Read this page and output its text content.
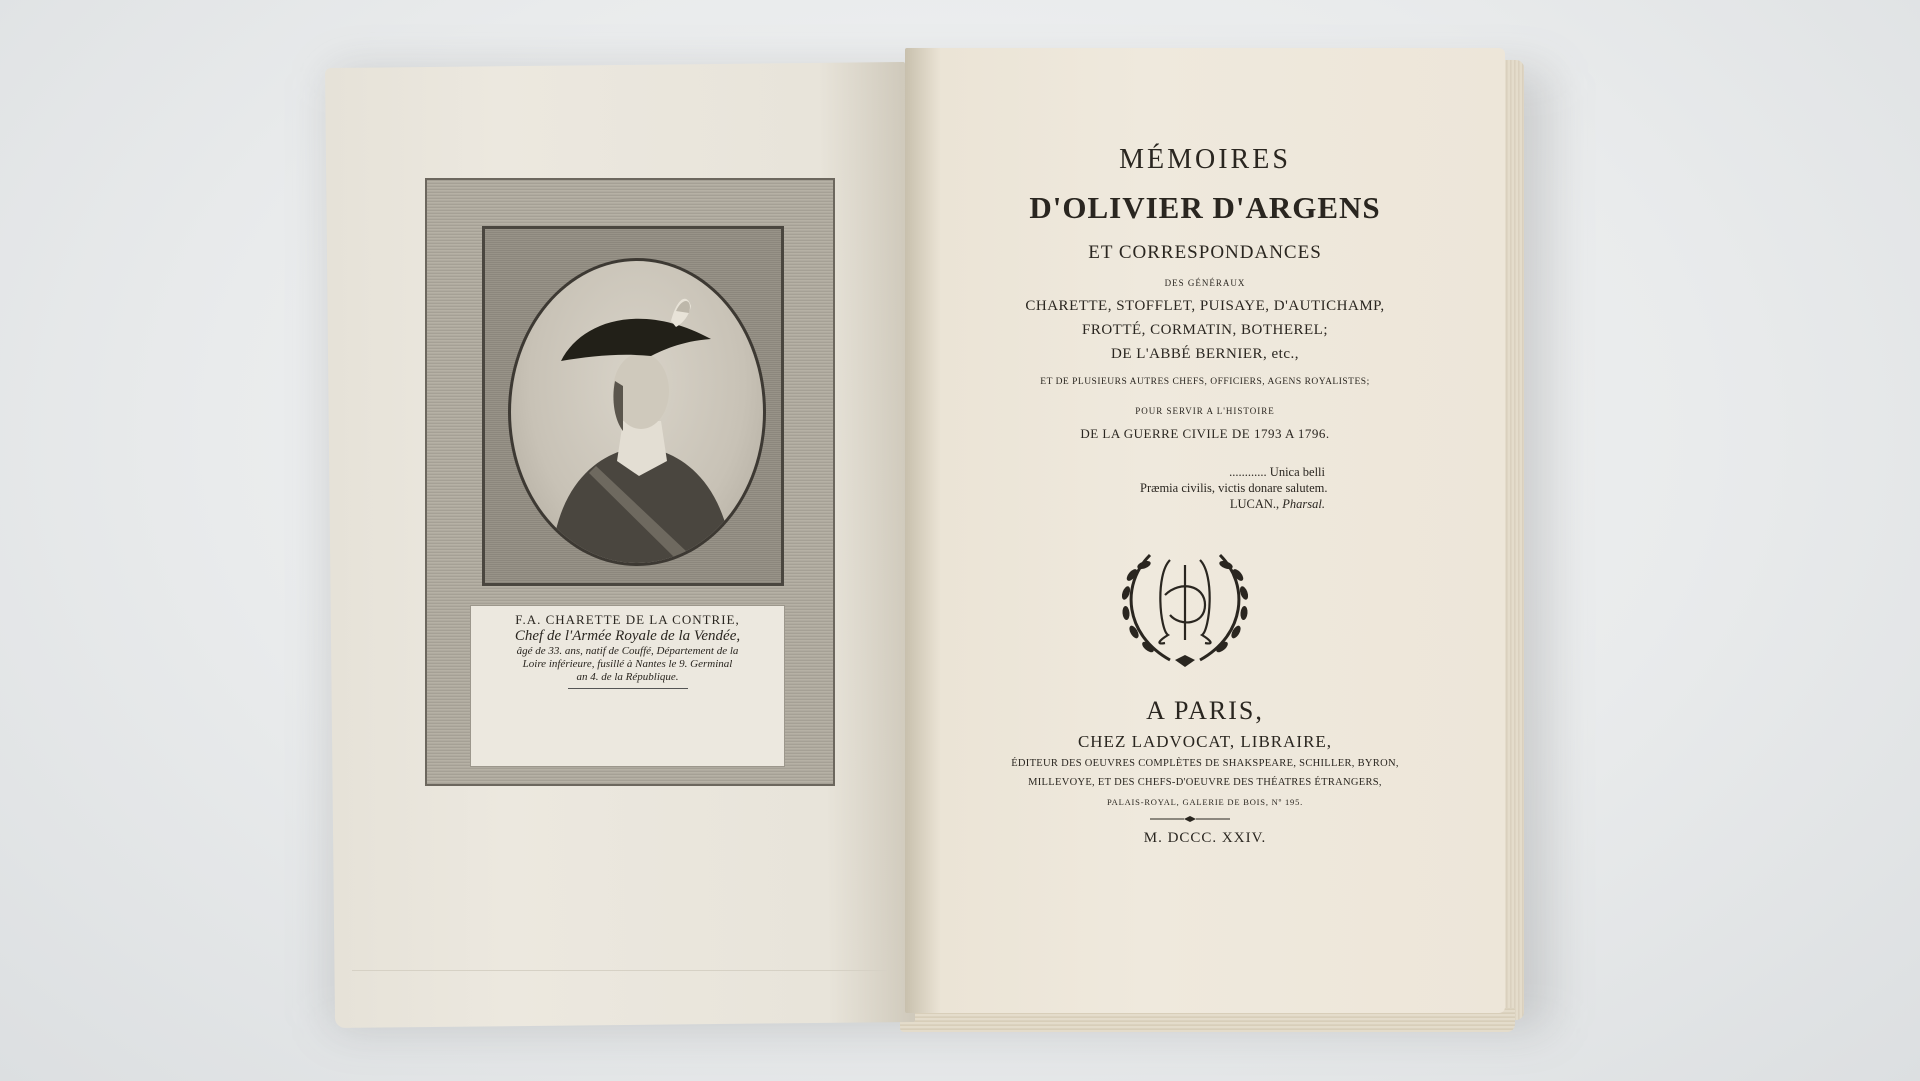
F.A. CHARETTE DE LA CONTRIE,
Chef de l'Armée Royale de la Vendée,
âgé de 33. ans, natif de Couffé, Département de la
Loire inférieure, fusillé à Nantes le 9. Germinal
an 4. de la République.
MÉMOIRES
D'OLIVIER D'ARGENS
ET CORRESPONDANCES
DES GÉNÉRAUX
CHARETTE, STOFFLET, PUISAYE, D'AUTICHAMP,
FROTTÉ, CORMATIN, BOTHEREL;
DE L'ABBÉ BERNIER, etc.,
ET DE PLUSIEURS AUTRES CHEFS, OFFICIERS, AGENS ROYALISTES;
POUR SERVIR A L'HISTOIRE
DE LA GUERRE CIVILE DE 1793 A 1796.
............ Unica belli
Præmia civilis, victis donare salutem.
LUCAN., Pharsal.
A PARIS,
CHEZ LADVOCAT, LIBRAIRE,
ÉDITEUR DES OEUVRES COMPLÈTES DE SHAKSPEARE, SCHILLER, BYRON,
MILLEVOYE, ET DES CHEFS-D'OEUVRE DES THÉATRES ÉTRANGERS,
PALAIS-ROYAL, GALERIE DE BOIS, Nº 195.
M. DCCC. XXIV.
